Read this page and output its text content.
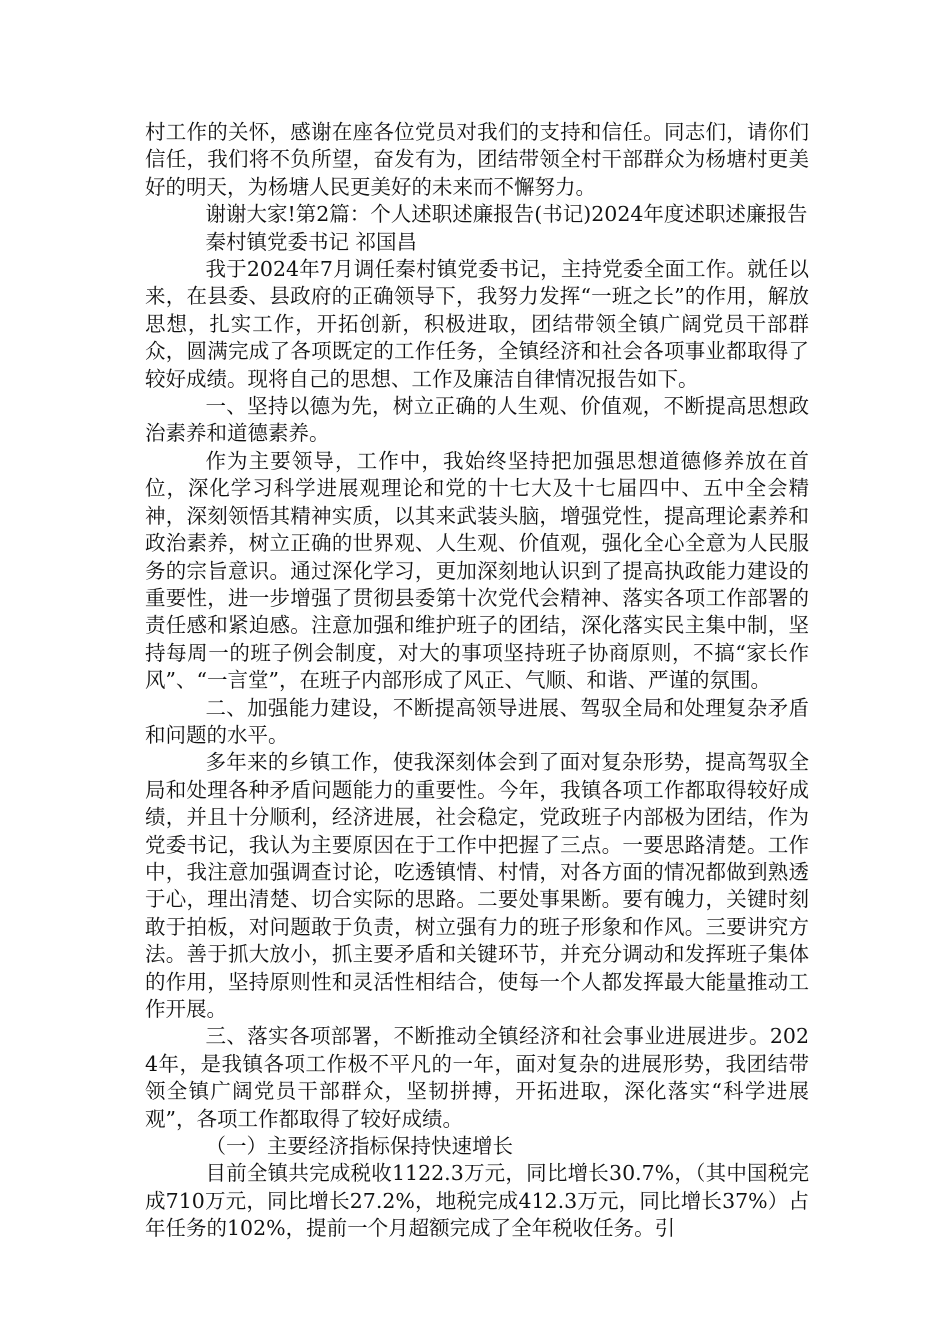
村工作的关怀，感谢在座各位党员对我们的支持和信任。同志们，请你们信任，我们将不负所望，奋发有为，团结带领全村干部群众为杨塘村更美好的明天，为杨塘人民更美好的未来而不懈努力。

谢谢大家!第2篇：个人述职述廉报告(书记)2024年度述职述廉报告

秦村镇党委书记 祁国昌

我于2024年7月调任秦村镇党委书记，主持党委全面工作。就任以来，在县委、县政府的正确领导下，我努力发挥“一班之长”的作用，解放思想，扎实工作，开拓创新，积极进取，团结带领全镇广阔党员干部群众，圆满完成了各项既定的工作任务，全镇经济和社会各项事业都取得了较好成绩。现将自己的思想、工作及廉洁自律情况报告如下。

一、坚持以德为先，树立正确的人生观、价值观，不断提高思想政治素养和道德素养。

作为主要领导，工作中，我始终坚持把加强思想道德修养放在首位，深化学习科学进展观理论和党的十七大及十七届四中、五中全会精神，深刻领悟其精神实质，以其来武装头脑，增强党性，提高理论素养和政治素养，树立正确的世界观、人生观、价值观，强化全心全意为人民服务的宗旨意识。通过深化学习，更加深刻地认识到了提高执政能力建设的重要性，进一步增强了贯彻县委第十次党代会精神、落实各项工作部署的责任感和紧迫感。注意加强和维护班子的团结，深化落实民主集中制，坚持每周一的班子例会制度，对大的事项坚持班子协商原则，不搞“家长作风”、“一言堂”，在班子内部形成了风正、气顺、和谐、严谨的氛围。

二、加强能力建设，不断提高领导进展、驾驭全局和处理复杂矛盾和问题的水平。

多年来的乡镇工作，使我深刻体会到了面对复杂形势，提高驾驭全局和处理各种矛盾问题能力的重要性。今年，我镇各项工作都取得较好成绩，并且十分顺利，经济进展，社会稳定，党政班子内部极为团结，作为党委书记，我认为主要原因在于工作中把握了三点。一要思路清楚。工作中，我注意加强调查讨论，吃透镇情、村情，对各方面的情况都做到熟透于心，理出清楚、切合实际的思路。二要处事果断。要有魄力，关键时刻敢于拍板，对问题敢于负责，树立强有力的班子形象和作风。三要讲究方法。善于抓大放小，抓主要矛盾和关键环节，并充分调动和发挥班子集体的作用，坚持原则性和灵活性相结合，使每一个人都发挥最大能量推动工作开展。

三、落实各项部署，不断推动全镇经济和社会事业进展进步。2024年，是我镇各项工作极不平凡的一年，面对复杂的进展形势，我团结带领全镇广阔党员干部群众，坚韧拼搏，开拓进取，深化落实“科学进展观”，各项工作都取得了较好成绩。

（一）主要经济指标保持快速增长

目前全镇共完成税收1122.3万元，同比增长30.7%，（其中国税完成710万元，同比增长27.2%，地税完成412.3万元，同比增长37%）占年任务的102%，提前一个月超额完成了全年税收任务。引
